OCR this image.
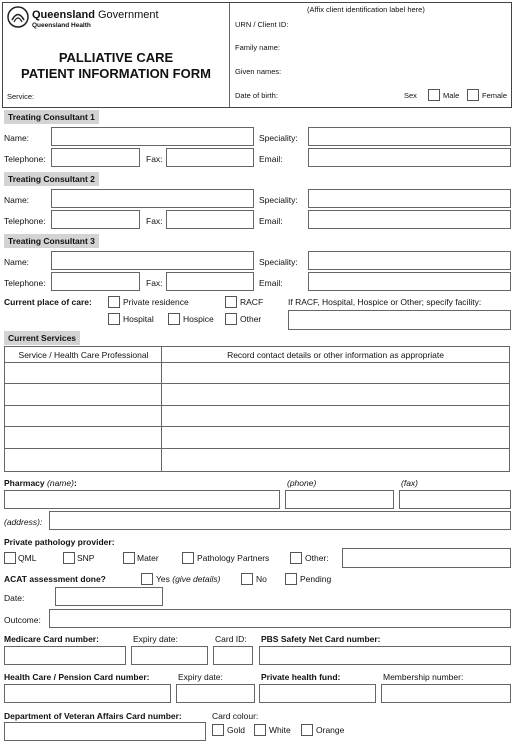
Queensland Government
Queensland Health
PALLIATIVE CARE
PATIENT INFORMATION FORM
Service:
(Affix client identification label here)
URN / Client ID:
Family name:
Given names:
Date of birth:	Sex	Male	Female
Treating Consultant 1
Name:	Speciality:
Telephone:	Fax:	Email:
Treating Consultant 2
Name:	Speciality:
Telephone:	Fax:	Email:
Treating Consultant 3
Name:	Speciality:
Telephone:	Fax:	Email:
Current place of care:	Private residence	RACF
Hospital	Hospice	Other
If RACF, Hospital, Hospice or Other; specify facility:
Current Services
Service / Health Care Professional	Record contact details or other information as appropriate
Pharmacy (name):	(phone)	(fax)
(address):
Private pathology provider:
QML	SNP	Mater	Pathology Partners	Other:
ACAT assessment done?	Yes (give details)	No	Pending
Date:
Outcome:
Medicare Card number:	Expiry date:	Card ID: PBS Safety Net Card number:
Health Care / Pension Card number:	Expiry date:	Private health fund:	Membership number:
Department of Veteran Affairs Card number:	Card colour:
Gold	White	Orange
